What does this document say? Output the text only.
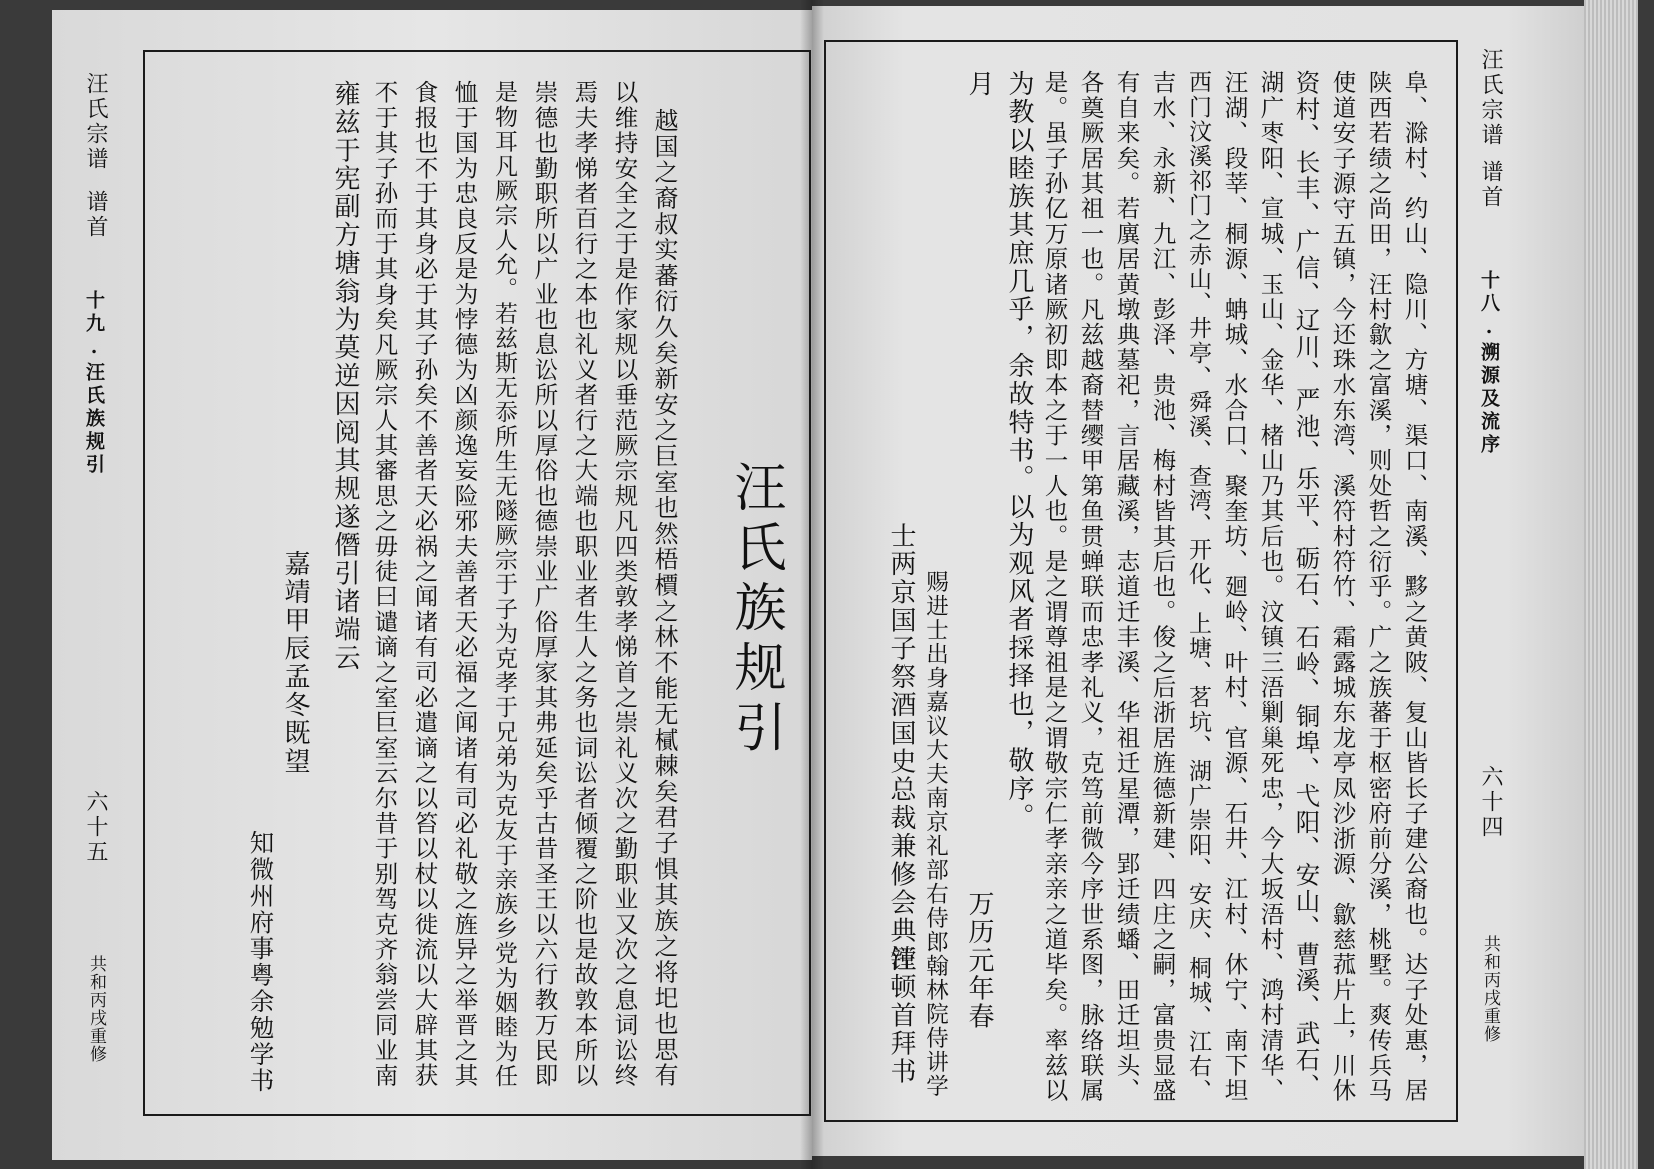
汪氏宗谱
谱首
十九.汪氏族规引
六十五
共和丙戌重修
汪氏族规引
越国之裔叔实蕃衍久矣新安之巨室也然梧檟之林不能无樲棘矣君子惧其族之将圯也思有
以维持安全之于是作家规以垂范厥宗规凡四类敦孝悌首之崇礼义次之勤职业又次之息词讼终
焉夫孝悌者百行之本也礼义者行之大端也职业者生人之务也词讼者倾覆之阶也是故敦本所以
崇德也勤职所以广业也息讼所以厚俗也德崇业广俗厚家其弗延矣乎古昔圣王以六行教万民即
是物耳凡厥宗人允。若兹斯无忝所生无隧厥宗于子为克孝于兄弟为克友于亲族乡党为姻睦为任
恤于国为忠良反是为悖德为凶颜逸妄险邪夫善者天必福之闻诸有司必礼敬之旌异之举晋之其
食报也不于其身必于其子孙矣不善者天必祸之闻诸有司必遣谪之以笞以杖以徙流以大辟其获
不于其子孙而于其身矣凡厥宗人其審思之毋徒曰谴谪之室巨室云尔昔于别驾克齐翁尝同业南
雍兹于宪副方塘翁为莫逆因阅其规遂僭引诸端云
嘉靖甲辰孟冬既望
知微州府事粤余勉学书
汪氏宗谱
谱首
十八.溯源及流序
六十四
共和丙戌重修
阜、滁村、约山、隐川、方塘、渠口、南溪、黟之黄陂、复山皆长子建公裔也。达子处惠，居
陕西若绩之尚田，汪村歙之富溪，则处哲之衍乎。广之族蕃于枢密府前分溪，桃墅。爽传兵马
使道安子源守五镇，今还珠水东湾、溪符村符竹、霜露城东龙亭凤沙浙源、歙慈菰片上，川休
资村、长丰、广信、辽川、严池、乐平、砺石、石岭、铜埠、弋阳、安山、曹溪、武石、
湖广枣阳、宣城、玉山、金华、楮山乃其后也。汶镇三浯剿巢死忠，今大坂浯村、鸿村清华、
汪湖、段莘、桐源、蚺城、水合口、聚奎坊、廻岭、叶村、官源、石井、江村、休宁、南下坦
西门汶溪祁门之赤山、井亭、舜溪、查湾、开化、上塘、茗坑、湖广崇阳、安庆、桐城、江右、
吉水、永新、九江、彭泽、贵池、梅村皆其后也。俊之后浙居旌德新建、四庄之嗣，富贵显盛
有自来矣。若廙居黄墩典墓祀，言居藏溪，志道迁丰溪、华祖迁星潭，郢迁绩蟠、田迁坦头、
各奠厥居其祖一也。凡兹越裔替缨甲第鱼贯蝉联而忠孝礼义，克笃前微今序世系图，脉络联属
是。虽子孙亿万原诸厥初即本之于一人也。是之谓尊祖是之谓敬宗仁孝亲亲之道毕矣。率兹以
为教以睦族其庶几乎，余故特书。以为观风者採择也，敬序。
月
万历元年春
赐进士出身嘉议大夫南京礼部右侍郎翰林院侍讲学
士两京国子祭酒国史总裁兼修会典汪
镗顿首拜书
